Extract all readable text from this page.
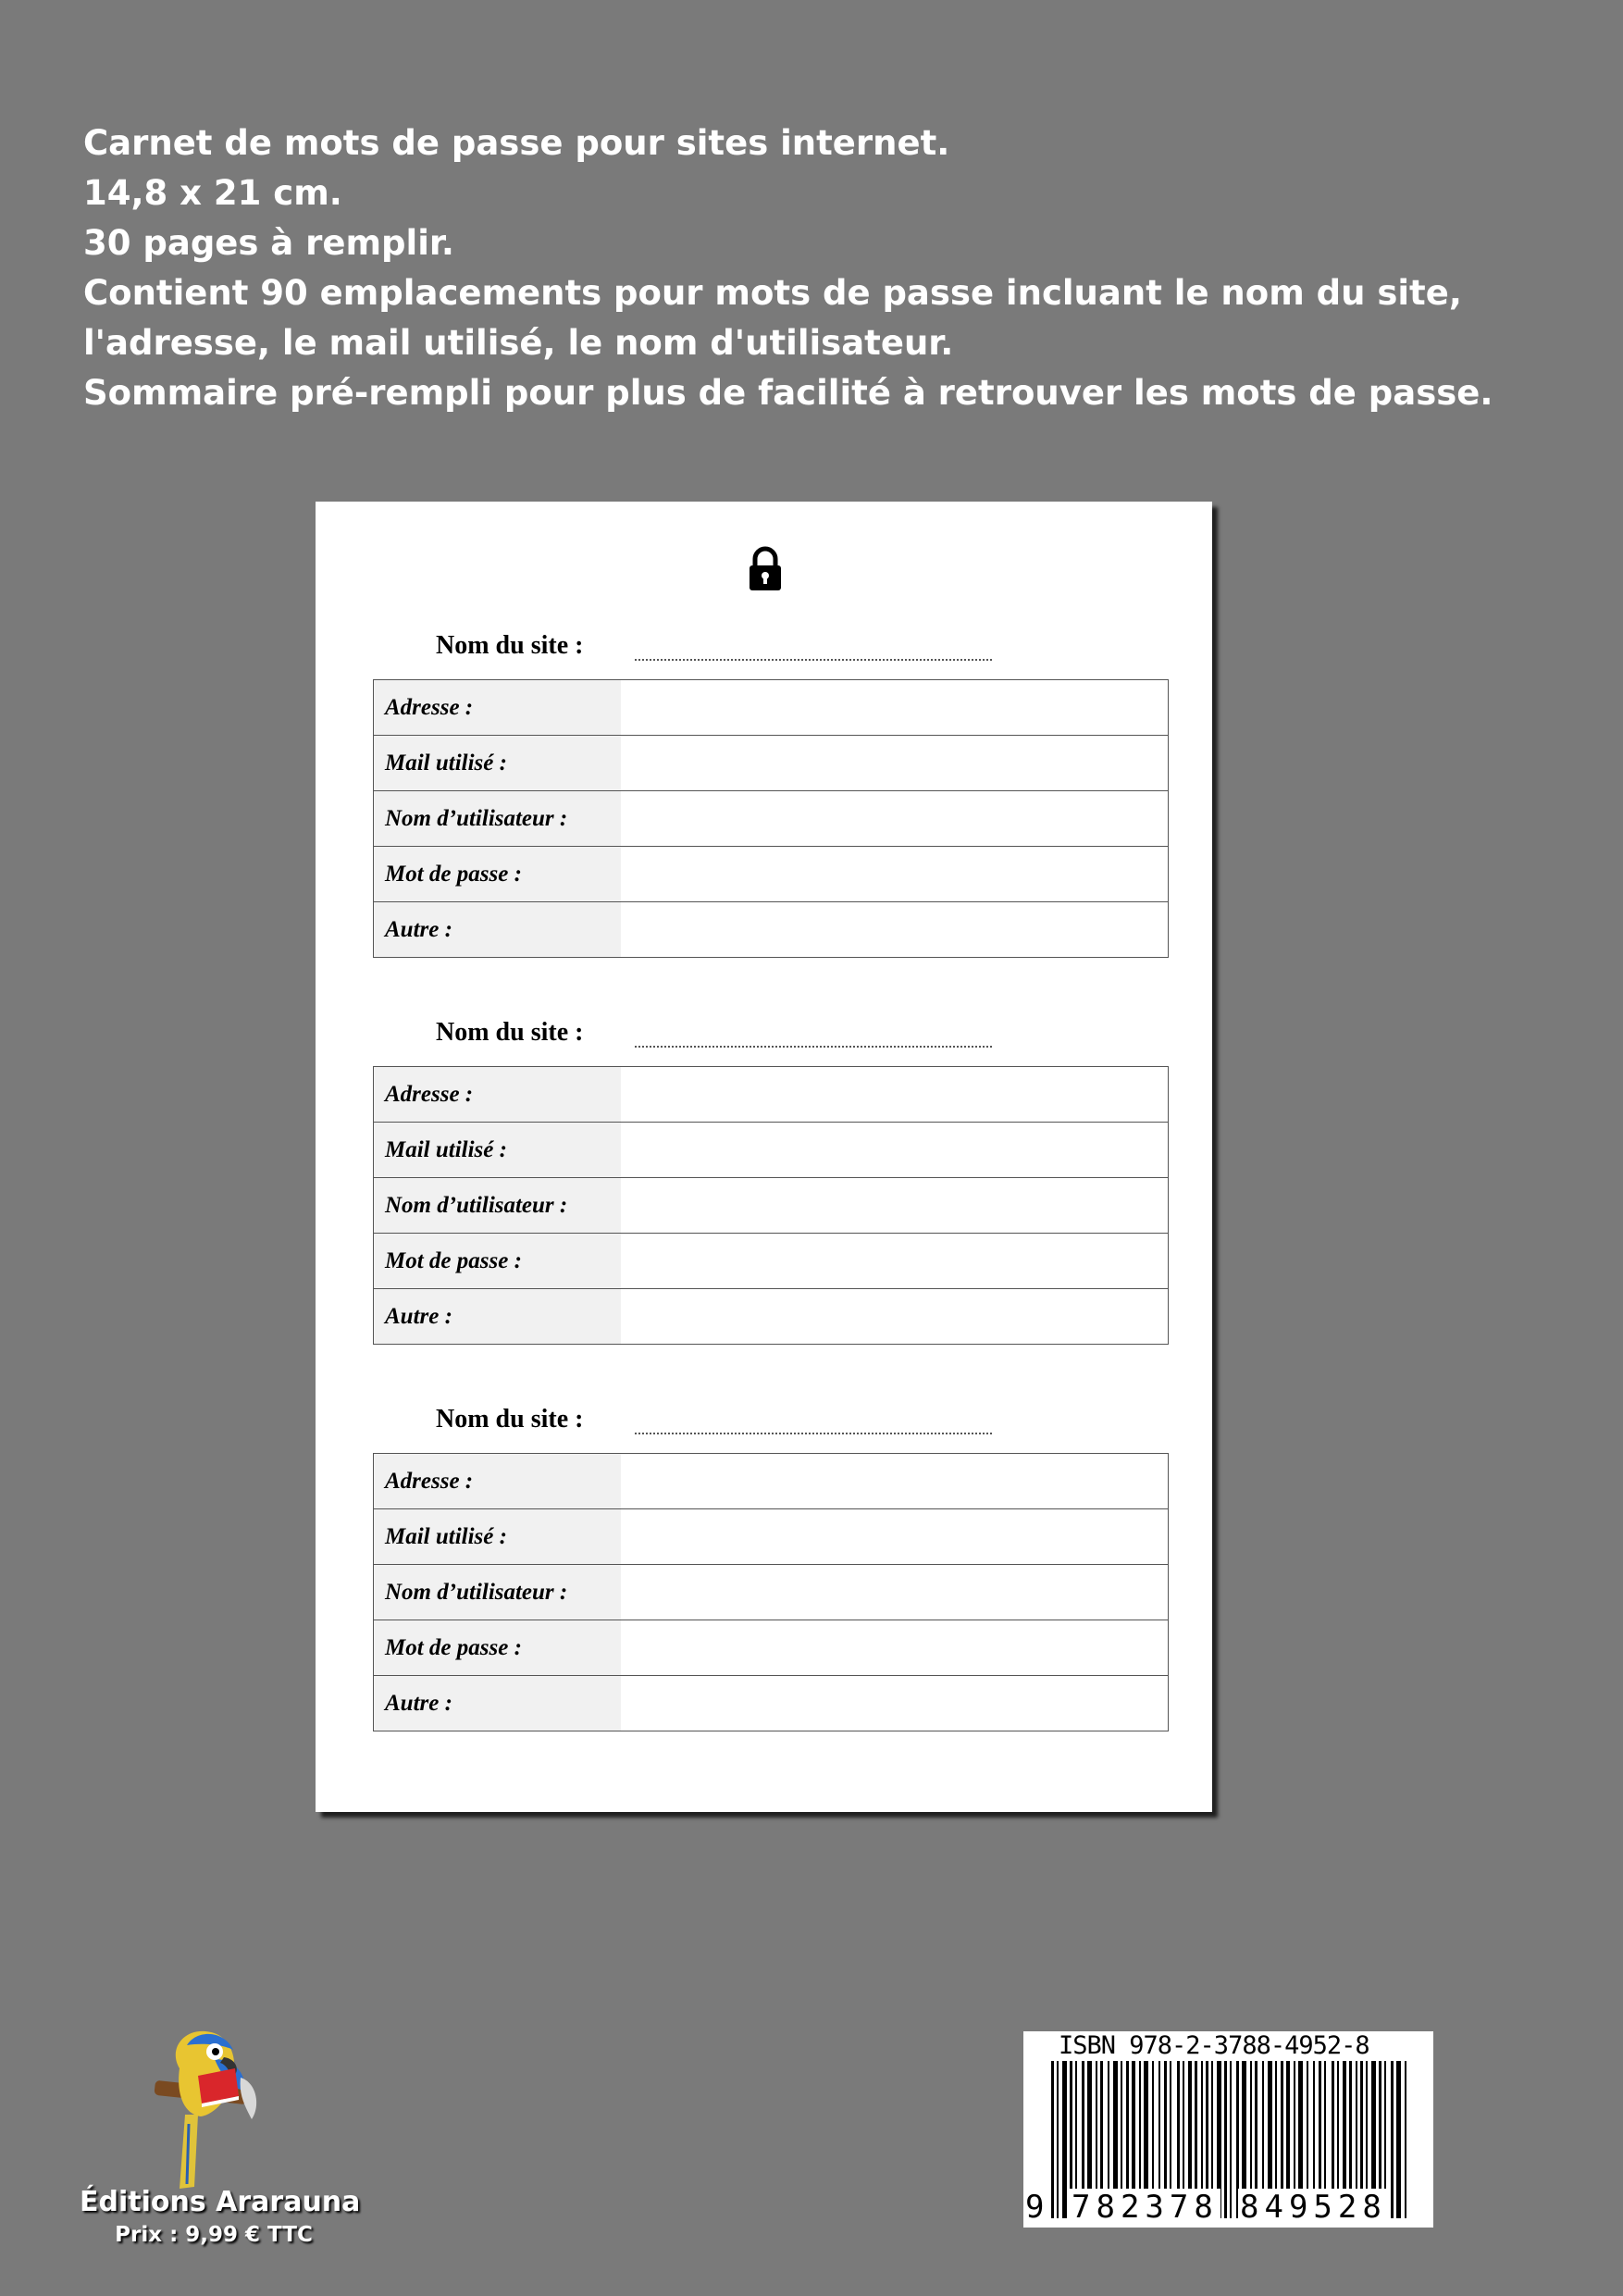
Carnet de mots de passe pour sites internet.
14,8 x 21 cm.
30 pages à remplir.
Contient 90 emplacements pour mots de passe incluant le nom du site,
l'adresse, le mail utilisé, le nom d'utilisateur.
Sommaire pré-rempli pour plus de facilité à retrouver les mots de passe.
Nom du site :
Adresse :
Mail utilisé :
Nom d’utilisateur :
Mot de passe :
Autre :
Nom du site :
Adresse :
Mail utilisé :
Nom d’utilisateur :
Mot de passe :
Autre :
Nom du site :
Adresse :
Mail utilisé :
Nom d’utilisateur :
Mot de passe :
Autre :
Éditions Ararauna
Prix : 9,99 € TTC
ISBN 978-2-3788-4952-8
9 782378 849528
